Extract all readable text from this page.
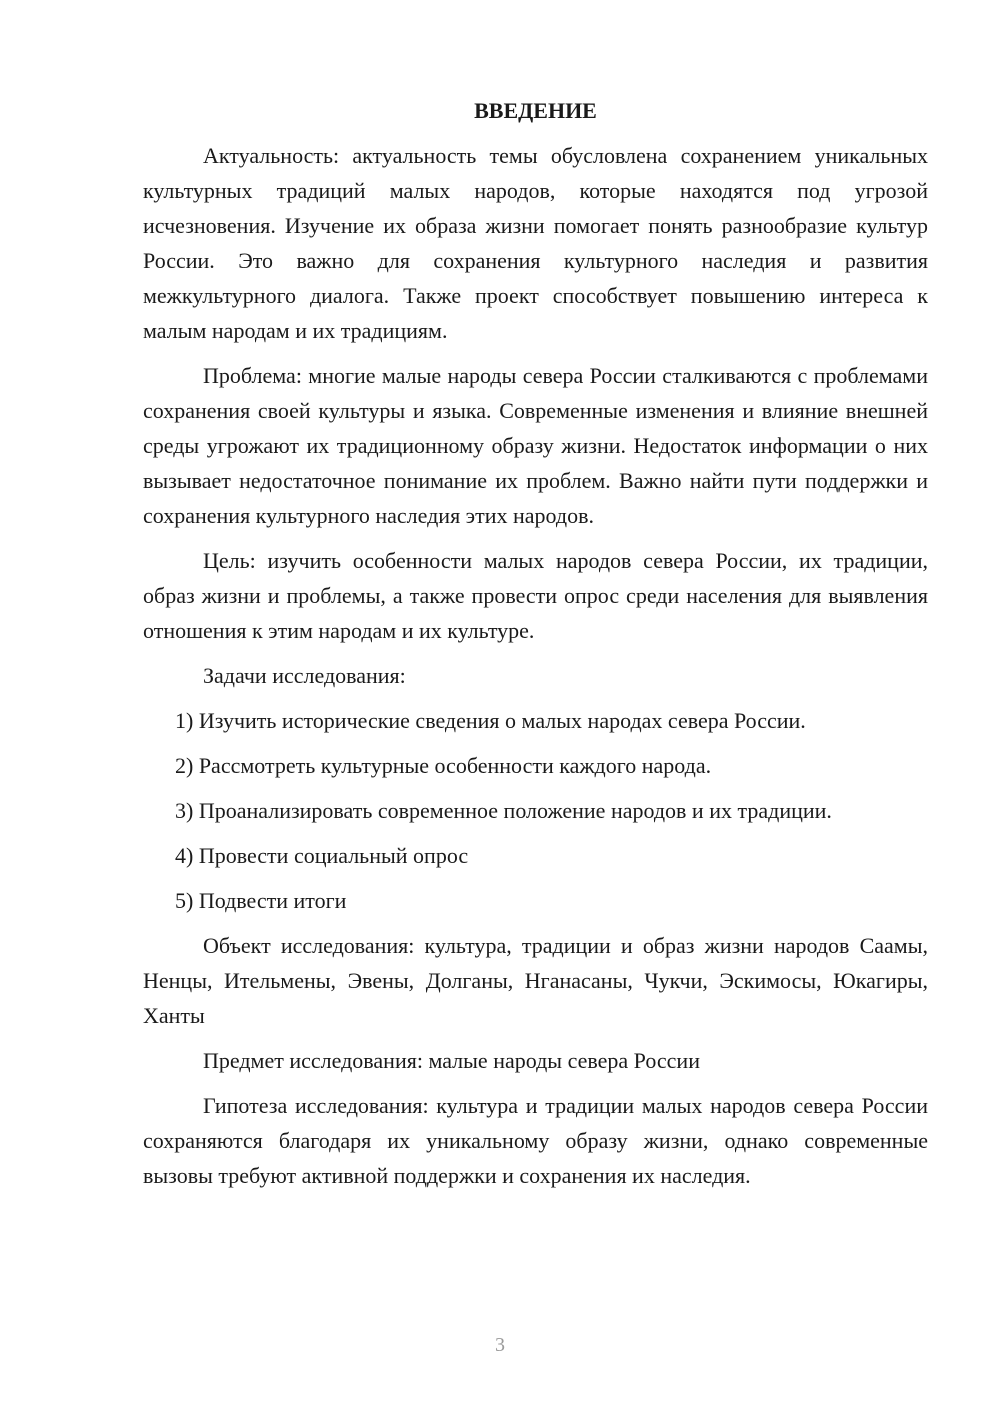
ВВЕДЕНИЕ

Актуальность: актуальность темы обусловлена сохранением уникальных культурных традиций малых народов, которые находятся под угрозой исчезновения. Изучение их образа жизни помогает понять разнообразие культур России. Это важно для сохранения культурного наследия и развития межкультурного диалога. Также проект способствует повышению интереса к малым народам и их традициям.

Проблема: многие малые народы севера России сталкиваются с проблемами сохранения своей культуры и языка. Современные изменения и влияние внешней среды угрожают их традиционному образу жизни. Недостаток информации о них вызывает недостаточное понимание их проблем. Важно найти пути поддержки и сохранения культурного наследия этих народов.

Цель: изучить особенности малых народов севера России, их традиции, образ жизни и проблемы, а также провести опрос среди населения для выявления отношения к этим народам и их культуре.

Задачи исследования:

1) Изучить исторические сведения о малых народах севера России.
2) Рассмотреть культурные особенности каждого народа.
3) Проанализировать современное положение народов и их традиции.
4) Провести социальный опрос
5) Подвести итоги

Объект исследования: культура, традиции и образ жизни народов Саамы, Ненцы, Ительмены, Эвены, Долганы, Нганасаны, Чукчи, Эскимосы, Юкагиры, Ханты

Предмет исследования: малые народы севера России

Гипотеза исследования: культура и традиции малых народов севера России сохраняются благодаря их уникальному образу жизни, однако современные вызовы требуют активной поддержки и сохранения их наследия.

3
